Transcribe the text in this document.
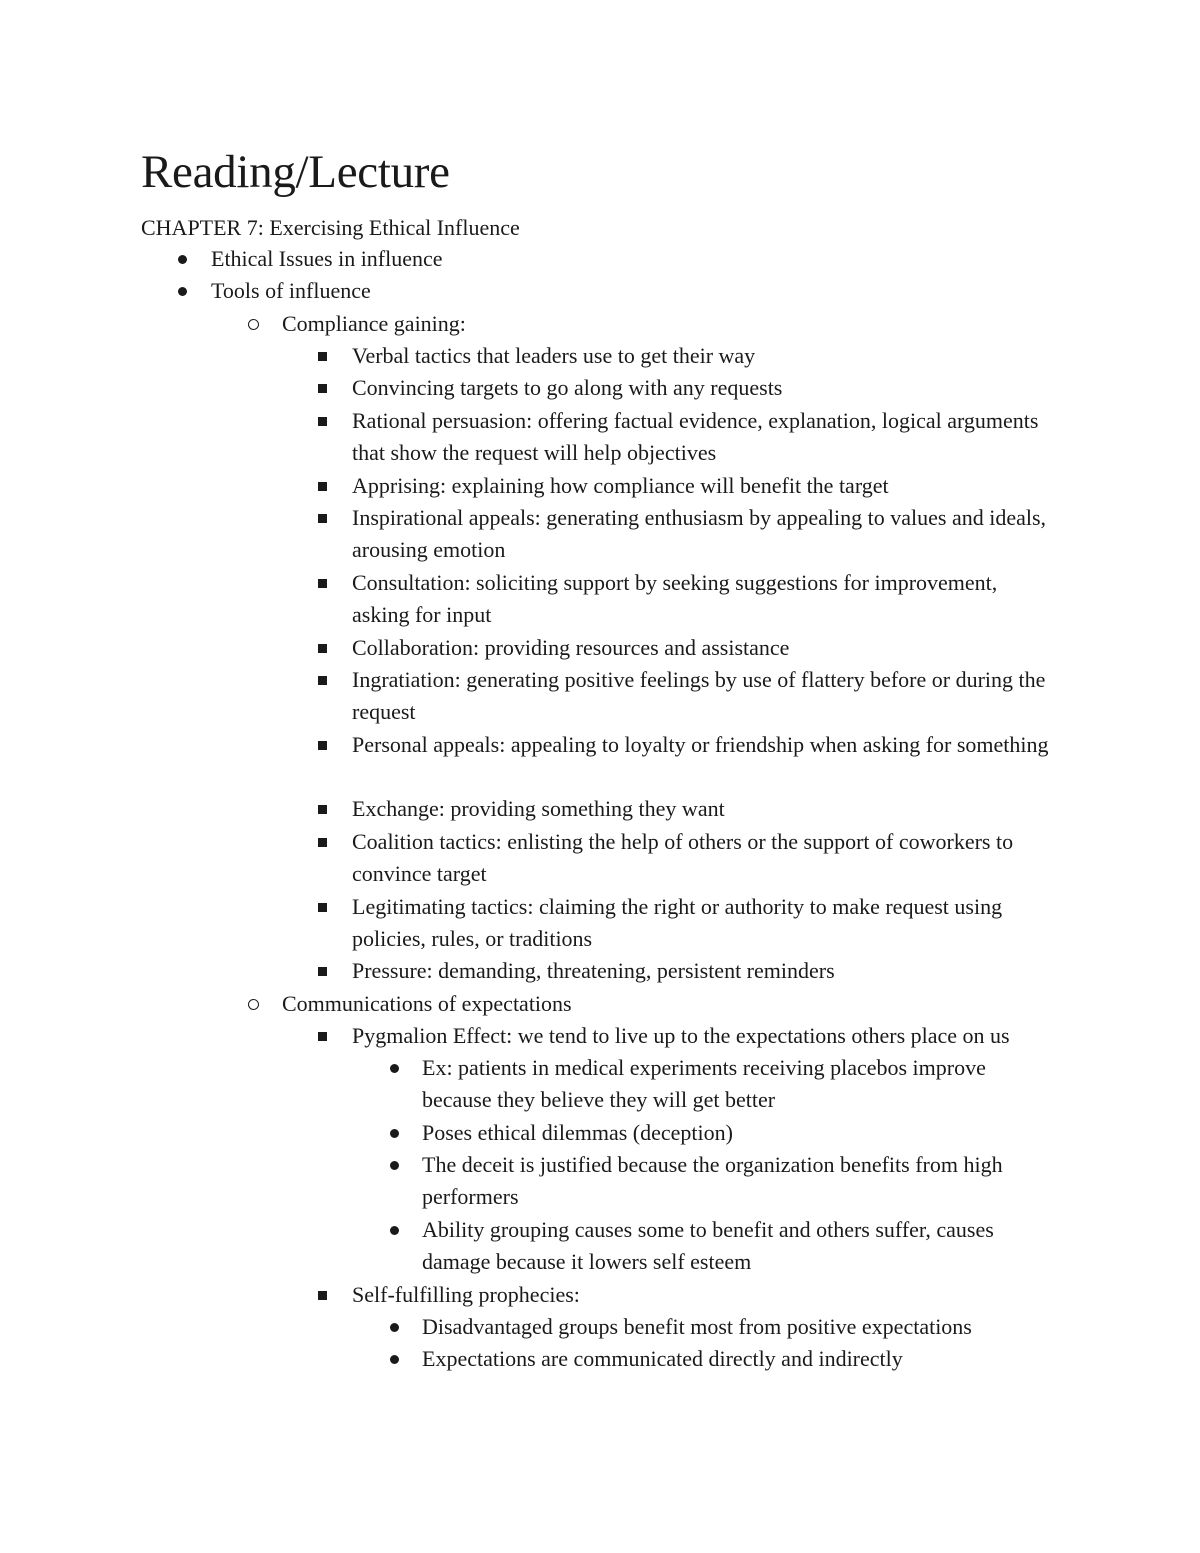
Reading/Lecture

CHAPTER 7: Exercising Ethical Influence

Ethical Issues in influence

Tools of influence

Compliance gaining:

Verbal tactics that leaders use to get their way

Convincing targets to go along with any requests

Rational persuasion: offering factual evidence, explanation, logical arguments that show the request will help objectives

Apprising: explaining how compliance will benefit the target

Inspirational appeals: generating enthusiasm by appealing to values and ideals, arousing emotion

Consultation: soliciting support by seeking suggestions for improvement, asking for input

Collaboration: providing resources and assistance

Ingratiation: generating positive feelings by use of flattery before or during the request

Personal appeals: appealing to loyalty or friendship when asking for something

Exchange: providing something they want

Coalition tactics: enlisting the help of others or the support of coworkers to convince target

Legitimating tactics: claiming the right or authority to make request using policies, rules, or traditions

Pressure: demanding, threatening, persistent reminders

Communications of expectations

Pygmalion Effect: we tend to live up to the expectations others place on us

Ex: patients in medical experiments receiving placebos improve because they believe they will get better

Poses ethical dilemmas (deception)

The deceit is justified because the organization benefits from high performers

Ability grouping causes some to benefit and others suffer, causes damage because it lowers self esteem

Self-fulfilling prophecies:

Disadvantaged groups benefit most from positive expectations

Expectations are communicated directly and indirectly
